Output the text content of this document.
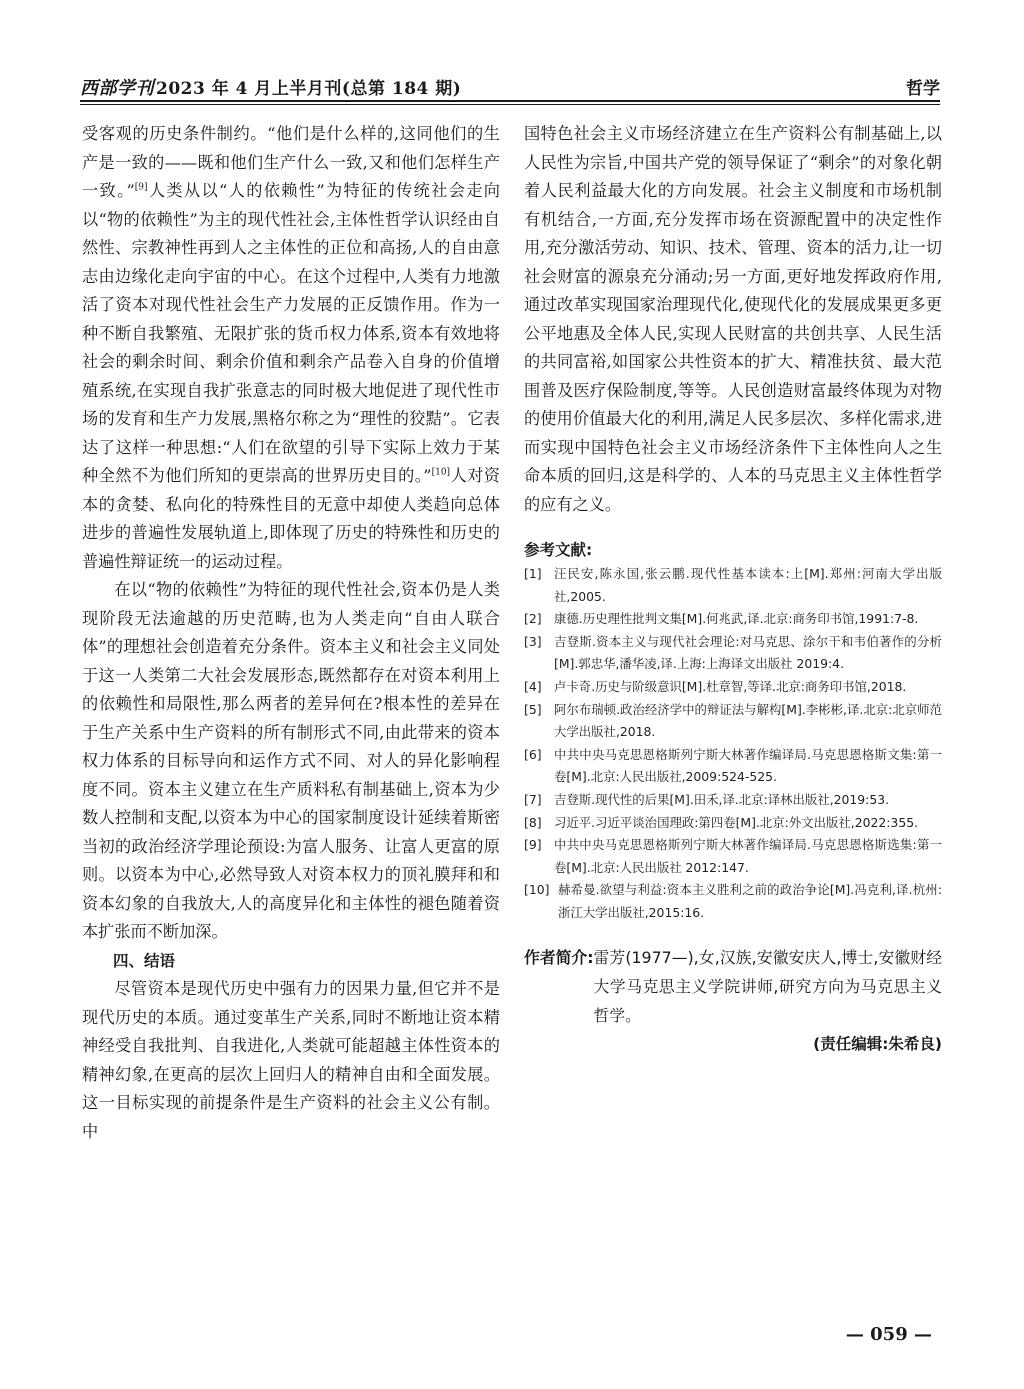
西部学刊 2023 年 4 月上半月刊(总第 184 期)	哲学

受客观的历史条件制约。“他们是什么样的,这同他们的生产是一致的——既和他们生产什么一致,又和他们怎样生产一致。”[9]人类从以“人的依赖性”为特征的传统社会走向以“物的依赖性”为主的现代性社会,主体性哲学认识经由自然性、宗教神性再到人之主体性的正位和高扬,人的自由意志由边缘化走向宇宙的中心。在这个过程中,人类有力地激活了资本对现代性社会生产力发展的正反馈作用。作为一种不断自我繁殖、无限扩张的货币权力体系,资本有效地将社会的剩余时间、剩余价值和剩余产品卷入自身的价值增殖系统,在实现自我扩张意志的同时极大地促进了现代性市场的发育和生产力发展,黑格尔称之为“理性的狡黠”。它表达了这样一种思想:“人们在欲望的引导下实际上效力于某种全然不为他们所知的更崇高的世界历史目的。”[10]人对资本的贪婪、私向化的特殊性目的无意中却使人类趋向总体进步的普遍性发展轨道上,即体现了历史的特殊性和历史的普遍性辩证统一的运动过程。

在以“物的依赖性”为特征的现代性社会,资本仍是人类现阶段无法逾越的历史范畴,也为人类走向“自由人联合体”的理想社会创造着充分条件。资本主义和社会主义同处于这一人类第二大社会发展形态,既然都存在对资本利用上的依赖性和局限性,那么两者的差异何在?根本性的差异在于生产关系中生产资料的所有制形式不同,由此带来的资本权力体系的目标导向和运作方式不同、对人的异化影响程度不同。资本主义建立在生产质料私有制基础上,资本为少数人控制和支配,以资本为中心的国家制度设计延续着斯密当初的政治经济学理论预设:为富人服务、让富人更富的原则。以资本为中心,必然导致人对资本权力的顶礼膜拜和和资本幻象的自我放大,人的高度异化和主体性的褪色随着资本扩张而不断加深。

四、结语

尽管资本是现代历史中强有力的因果力量,但它并不是现代历史的本质。通过变革生产关系,同时不断地让资本精神经受自我批判、自我进化,人类就可能超越主体性资本的精神幻象,在更高的层次上回归人的精神自由和全面发展。这一目标实现的前提条件是生产资料的社会主义公有制。中

国特色社会主义市场经济建立在生产资料公有制基础上,以人民性为宗旨,中国共产党的领导保证了“剩余”的对象化朝着人民利益最大化的方向发展。社会主义制度和市场机制有机结合,一方面,充分发挥市场在资源配置中的决定性作用,充分激活劳动、知识、技术、管理、资本的活力,让一切社会财富的源泉充分涌动;另一方面,更好地发挥政府作用,通过改革实现国家治理现代化,使现代化的发展成果更多更公平地惠及全体人民,实现人民财富的共创共享、人民生活的共同富裕,如国家公共性资本的扩大、精准扶贫、最大范围普及医疗保险制度,等等。人民创造财富最终体现为对物的使用价值最大化的利用,满足人民多层次、多样化需求,进而实现中国特色社会主义市场经济条件下主体性向人之生命本质的回归,这是科学的、人本的马克思主义主体性哲学的应有之义。

参考文献:
[1]	汪民安,陈永国,张云鹏.现代性基本读本:上[M].郑州:河南大学出版社,2005.
[2]	康德.历史理性批判文集[M].何兆武,译.北京:商务印书馆,1991:7-8.
[3]	吉登斯.资本主义与现代社会理论:对马克思、涂尔干和韦伯著作的分析[M].郭忠华,潘华凌,译.上海:上海译文出版社 2019:4.
[4]	卢卡奇.历史与阶级意识[M].杜章智,等译.北京:商务印书馆,2018.
[5]	阿尔布瑞顿.政治经济学中的辩证法与解构[M].李彬彬,译.北京:北京师范大学出版社,2018.
[6]	中共中央马克思恩格斯列宁斯大林著作编译局.马克思恩格斯文集:第一卷[M].北京:人民出版社,2009:524-525.
[7]	吉登斯.现代性的后果[M].田禾,译.北京:译林出版社,2019:53.
[8]	习近平.习近平谈治国理政:第四卷[M].北京:外文出版社,2022:355.
[9]	中共中央马克思恩格斯列宁斯大林著作编译局.马克思恩格斯选集:第一卷[M].北京:人民出版社 2012:147.
[10] 赫希曼.欲望与利益:资本主义胜利之前的政治争论[M].冯克利,译.杭州:浙江大学出版社,2015:16.
作者简介: 雷芳(1977—),女,汉族,安徽安庆人,博士,安徽财经大学马克思主义学院讲师,研究方向为马克思主义哲学。
(责任编辑:朱希良)
— 059 —
